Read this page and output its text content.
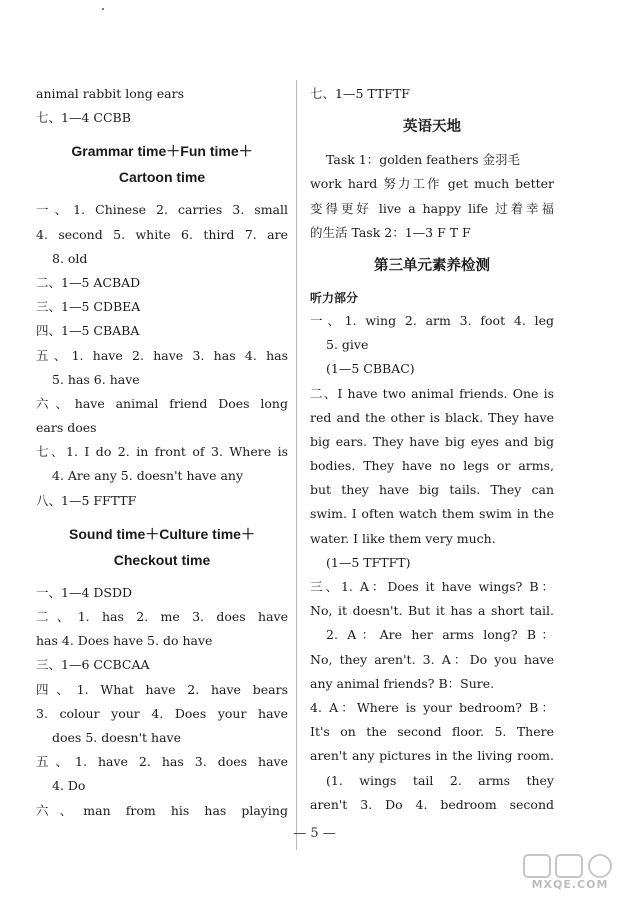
animal rabbit long ears
七、1—4 CCBB
Grammar time＋Fun time＋
Cartoon time
一、1. Chinese 2. carries 3. small
4. second 5. white 6. third 7. are
8. old
二、1—5 ACBAD
三、1—5 CDBEA
四、1—5 CBABA
五、1. have 2. have 3. has 4. has
5. has 6. have
六、have animal friend Does long
ears does
七、1. I do 2. in front of 3. Where is
4. Are any 5. doesn't have any
八、1—5 FFTTF
Sound time＋Culture time＋
Checkout time
一、1—4 DSDD
二、1. has 2. me 3. does have
has 4. Does have 5. do have
三、1—6 CCBCAA
四、1. What have 2. have bears
3. colour your 4. Does your have
does 5. doesn't have
五、1. have 2. has 3. does have
4. Do
六、man from his has playing
七、1—5 TTFTF
英语天地
Task 1：golden feathers 金羽毛
work hard 努力工作 get much better
变得更好 live a happy life 过着幸福
的生活 Task 2：1—3 F T F
第三单元素养检测
听力部分
一、1. wing 2. arm 3. foot 4. leg
5. give
(1—5 CBBAC)
二、I have two animal friends. One is
red and the other is black. They have
big ears. They have big eyes and big
bodies. They have no legs or arms,
but they have big tails. They can
swim. I often watch them swim in the
water. I like them very much.
(1—5 TFTFT)
三、1. A：Does it have wings? B：
No, it doesn't. But it has a short tail.
2. A：Are her arms long? B：
No, they aren't. 3. A：Do you have
any animal friends? B：Sure.
4. A：Where is your bedroom? B：
It's on the second floor. 5. There
aren't any pictures in the living room.
(1. wings tail 2. arms they
aren't 3. Do 4. bedroom second
— 5 —
MXQE.COM
